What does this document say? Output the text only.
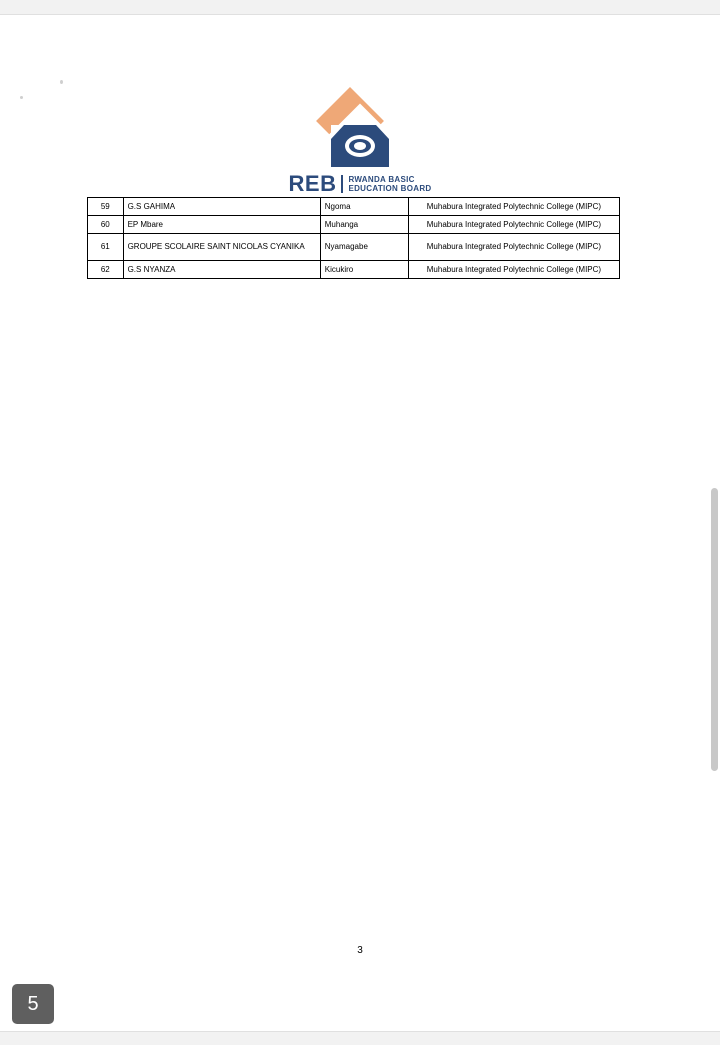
REB	RWANDA BASIC
EDUCATION BOARD
59	G.S GAHIMA	Ngoma	Muhabura Integrated Polytechnic College (MIPC)
60	EP Mbare	Muhanga	Muhabura Integrated Polytechnic College (MIPC)
61	GROUPE SCOLAIRE SAINT NICOLAS CYANIKA	Nyamagabe	Muhabura Integrated Polytechnic College (MIPC)
62	G.S NYANZA	Kicukiro	Muhabura Integrated Polytechnic College (MIPC)
3
5
